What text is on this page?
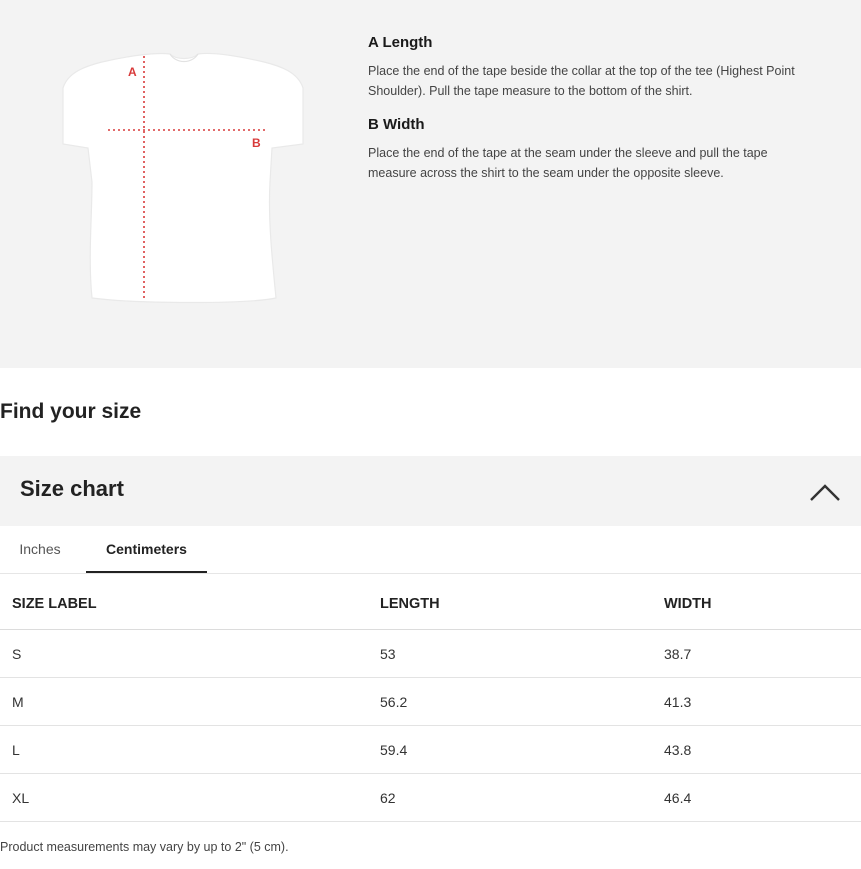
A
B
A Length

Place the end of the tape beside the collar at the top of the tee (Highest Point Shoulder). Pull the tape measure to the bottom of the shirt.

B Width

Place the end of the tape at the seam under the sleeve and pull the tape measure across the shirt to the seam under the opposite sleeve.

Find your size
Size chart
Inches	Centimeters
SIZE LABEL	LENGTH	WIDTH
S	53	38.7
M	56.2	41.3
L	59.4	43.8
XL	62	46.4
Product measurements may vary by up to 2" (5 cm).
